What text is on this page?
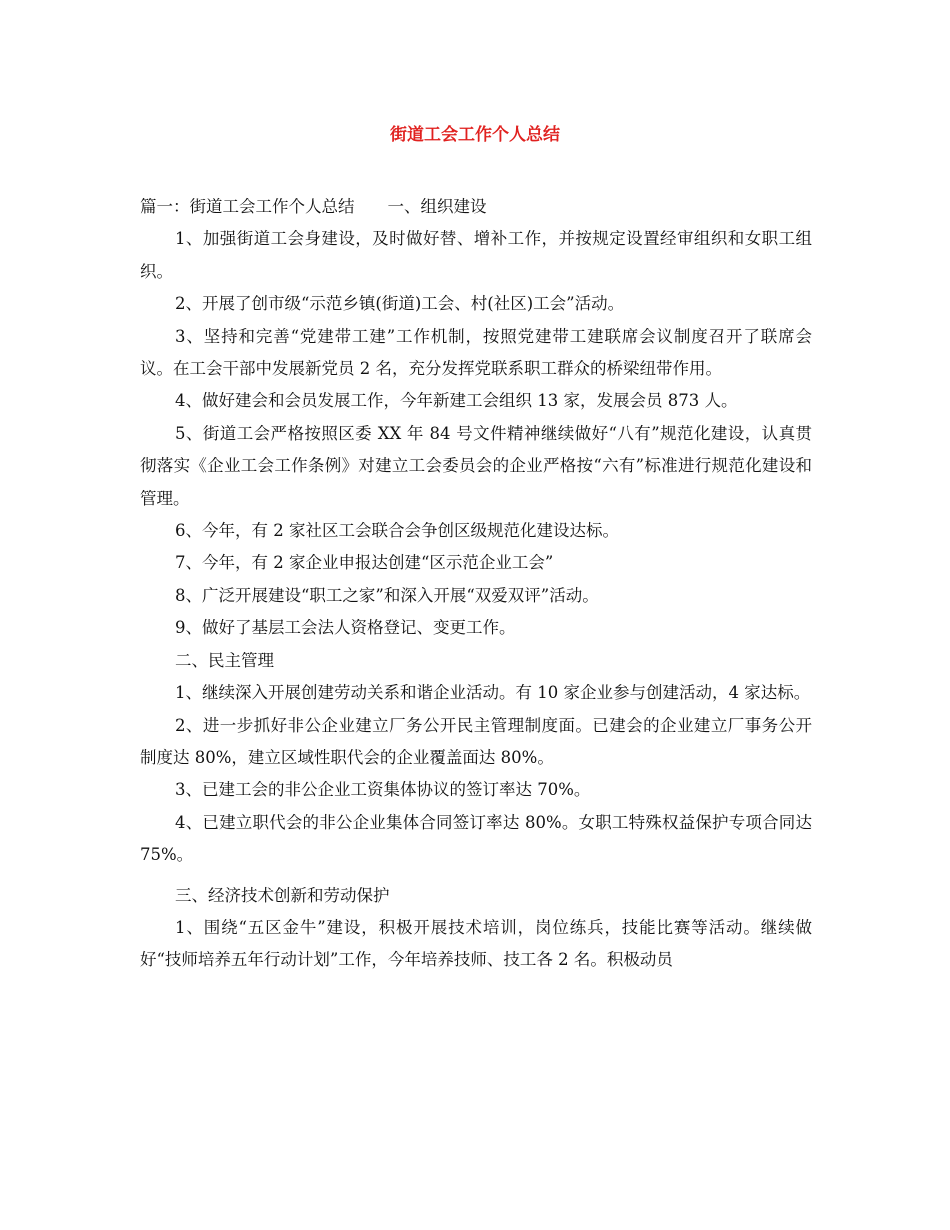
街道工会工作个人总结

篇一：街道工会工作个人总结　　一、组织建设

1、加强街道工会身建设，及时做好替、增补工作，并按规定设置经审组织和女职工组织。

2、开展了创市级“示范乡镇(街道)工会、村(社区)工会”活动。

3、坚持和完善“党建带工建”工作机制，按照党建带工建联席会议制度召开了联席会议。在工会干部中发展新党员 2 名，充分发挥党联系职工群众的桥梁纽带作用。

4、做好建会和会员发展工作，今年新建工会组织 13 家，发展会员 873 人。

5、街道工会严格按照区委 XX 年 84 号文件精神继续做好“八有”规范化建设，认真贯彻落实《企业工会工作条例》对建立工会委员会的企业严格按“六有”标准进行规范化建设和管理。

6、今年，有 2 家社区工会联合会争创区级规范化建设达标。

7、今年，有 2 家企业申报达创建“区示范企业工会”

8、广泛开展建设“职工之家”和深入开展“双爱双评”活动。

9、做好了基层工会法人资格登记、变更工作。

二、民主管理

1、继续深入开展创建劳动关系和谐企业活动。有 10 家企业参与创建活动，4 家达标。

2、进一步抓好非公企业建立厂务公开民主管理制度面。已建会的企业建立厂事务公开制度达 80%，建立区域性职代会的企业覆盖面达 80%。

3、已建工会的非公企业工资集体协议的签订率达 70%。

4、已建立职代会的非公企业集体合同签订率达 80%。女职工特殊权益保护专项合同达 75%。

三、经济技术创新和劳动保护

1、围绕“五区金牛”建设，积极开展技术培训，岗位练兵，技能比赛等活动。继续做好“技师培养五年行动计划”工作，今年培养技师、技工各 2 名。积极动员
